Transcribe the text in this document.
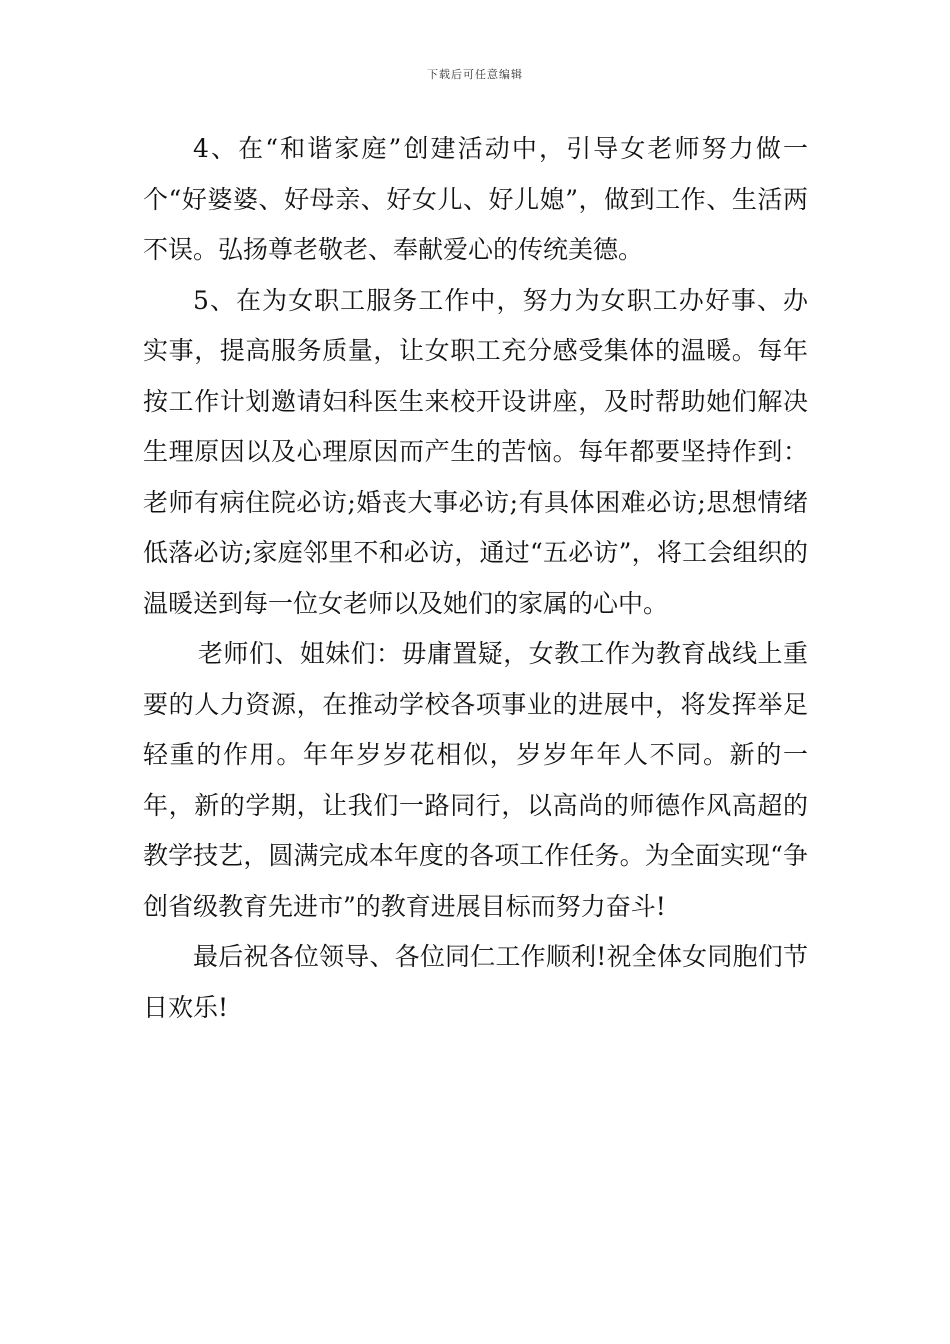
下载后可任意编辑

4、在“和谐家庭”创建活动中，引导女老师努力做一个“好婆婆、好母亲、好女儿、好儿媳”，做到工作、生活两不误。弘扬尊老敬老、奉献爱心的传统美德。

5、在为女职工服务工作中，努力为女职工办好事、办实事，提高服务质量，让女职工充分感受集体的温暖。每年按工作计划邀请妇科医生来校开设讲座，及时帮助她们解决生理原因以及心理原因而产生的苦恼。每年都要坚持作到：老师有病住院必访;婚丧大事必访;有具体困难必访;思想情绪低落必访;家庭邻里不和必访，通过“五必访”，将工会组织的温暖送到每一位女老师以及她们的家属的心中。

老师们、姐妹们：毋庸置疑，女教工作为教育战线上重要的人力资源，在推动学校各项事业的进展中，将发挥举足轻重的作用。年年岁岁花相似，岁岁年年人不同。新的一年，新的学期，让我们一路同行，以高尚的师德作风高超的教学技艺，圆满完成本年度的各项工作任务。为全面实现“争创省级教育先进市”的教育进展目标而努力奋斗!

最后祝各位领导、各位同仁工作顺利!祝全体女同胞们节日欢乐!
